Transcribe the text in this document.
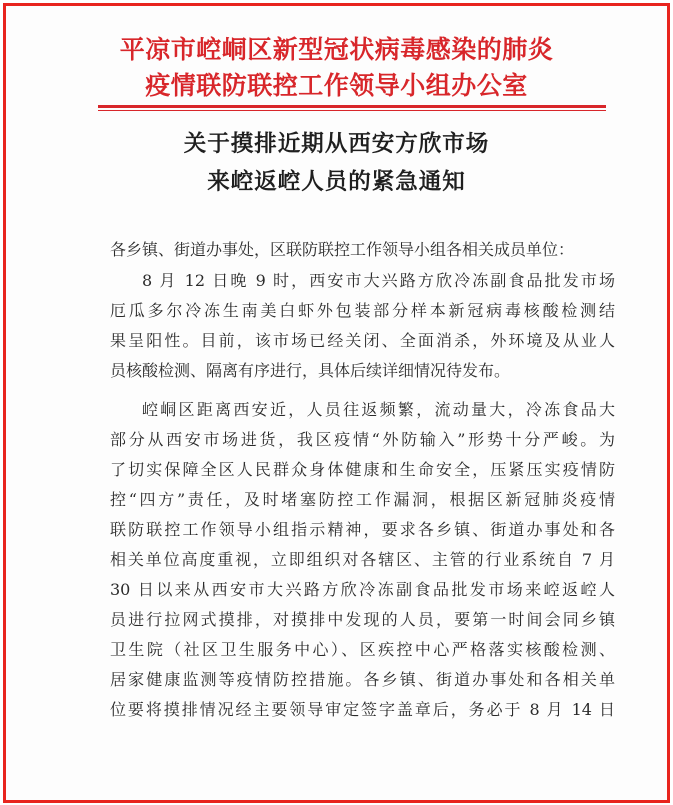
平凉市崆峒区新型冠状病毒感染的肺炎
疫情联防联控工作领导小组办公室
关于摸排近期从西安方欣市场
来崆返崆人员的紧急通知
各乡镇、街道办事处，区联防联控工作领导小组各相关成员单位：
8 月 12 日晚 9 时，西安市大兴路方欣冷冻副食品批发市场
厄瓜多尔冷冻生南美白虾外包装部分样本新冠病毒核酸检测结
果呈阳性。目前，该市场已经关闭、全面消杀，外环境及从业人
员核酸检测、隔离有序进行，具体后续详细情况待发布。
崆峒区距离西安近，人员往返频繁，流动量大，冷冻食品大
部分从西安市场进货，我区疫情“外防输入”形势十分严峻。为
了切实保障全区人民群众身体健康和生命安全，压紧压实疫情防
控“四方”责任，及时堵塞防控工作漏洞，根据区新冠肺炎疫情
联防联控工作领导小组指示精神，要求各乡镇、街道办事处和各
相关单位高度重视，立即组织对各辖区、主管的行业系统自 7 月
30 日以来从西安市大兴路方欣冷冻副食品批发市场来崆返崆人
员进行拉网式摸排，对摸排中发现的人员，要第一时间会同乡镇
卫生院（社区卫生服务中心）、区疾控中心严格落实核酸检测、
居家健康监测等疫情防控措施。各乡镇、街道办事处和各相关单
位要将摸排情况经主要领导审定签字盖章后，务必于 8 月 14 日
